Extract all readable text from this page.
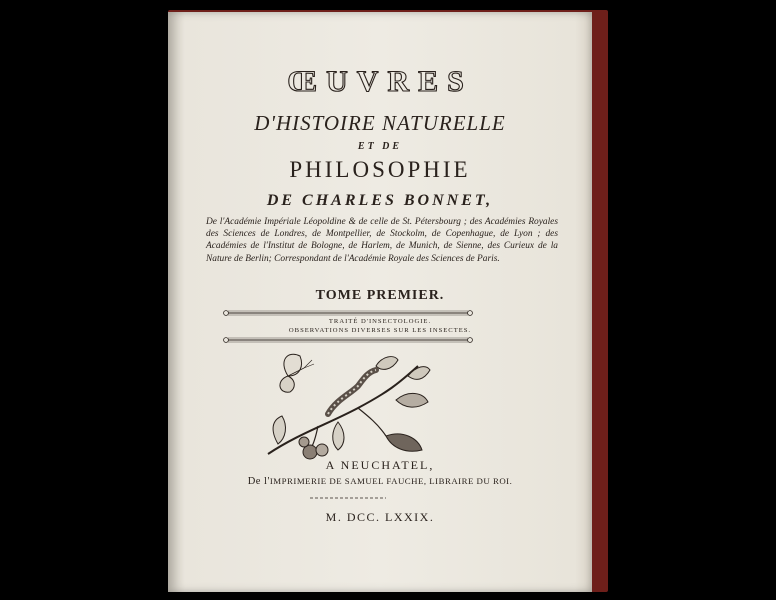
ŒUVRES
D'HISTOIRE NATURELLE
ET DE
PHILOSOPHIE
DE CHARLES BONNET,
De l'Académie Impériale Léopoldine & de celle de St. Pétersbourg ; des Académies Royales des Sciences de Londres, de Montpellier, de Stockolm, de Copenhague, de Lyon ; des Académies de l'Institut de Bologne, de Harlem, de Munich, de Sienne, des Curieux de la Nature de Berlin; Correspondant de l'Académie Royale des Sciences de Paris.
TOME PREMIER.
TRAITÉ D'INSECTOLOGIE.
OBSERVATIONS DIVERSES SUR LES INSECTES.
A NEUCHATEL,
De l'IMPRIMERIE DE SAMUEL FAUCHE, LIBRAIRE DU ROI.
M. DCC. LXXIX.
